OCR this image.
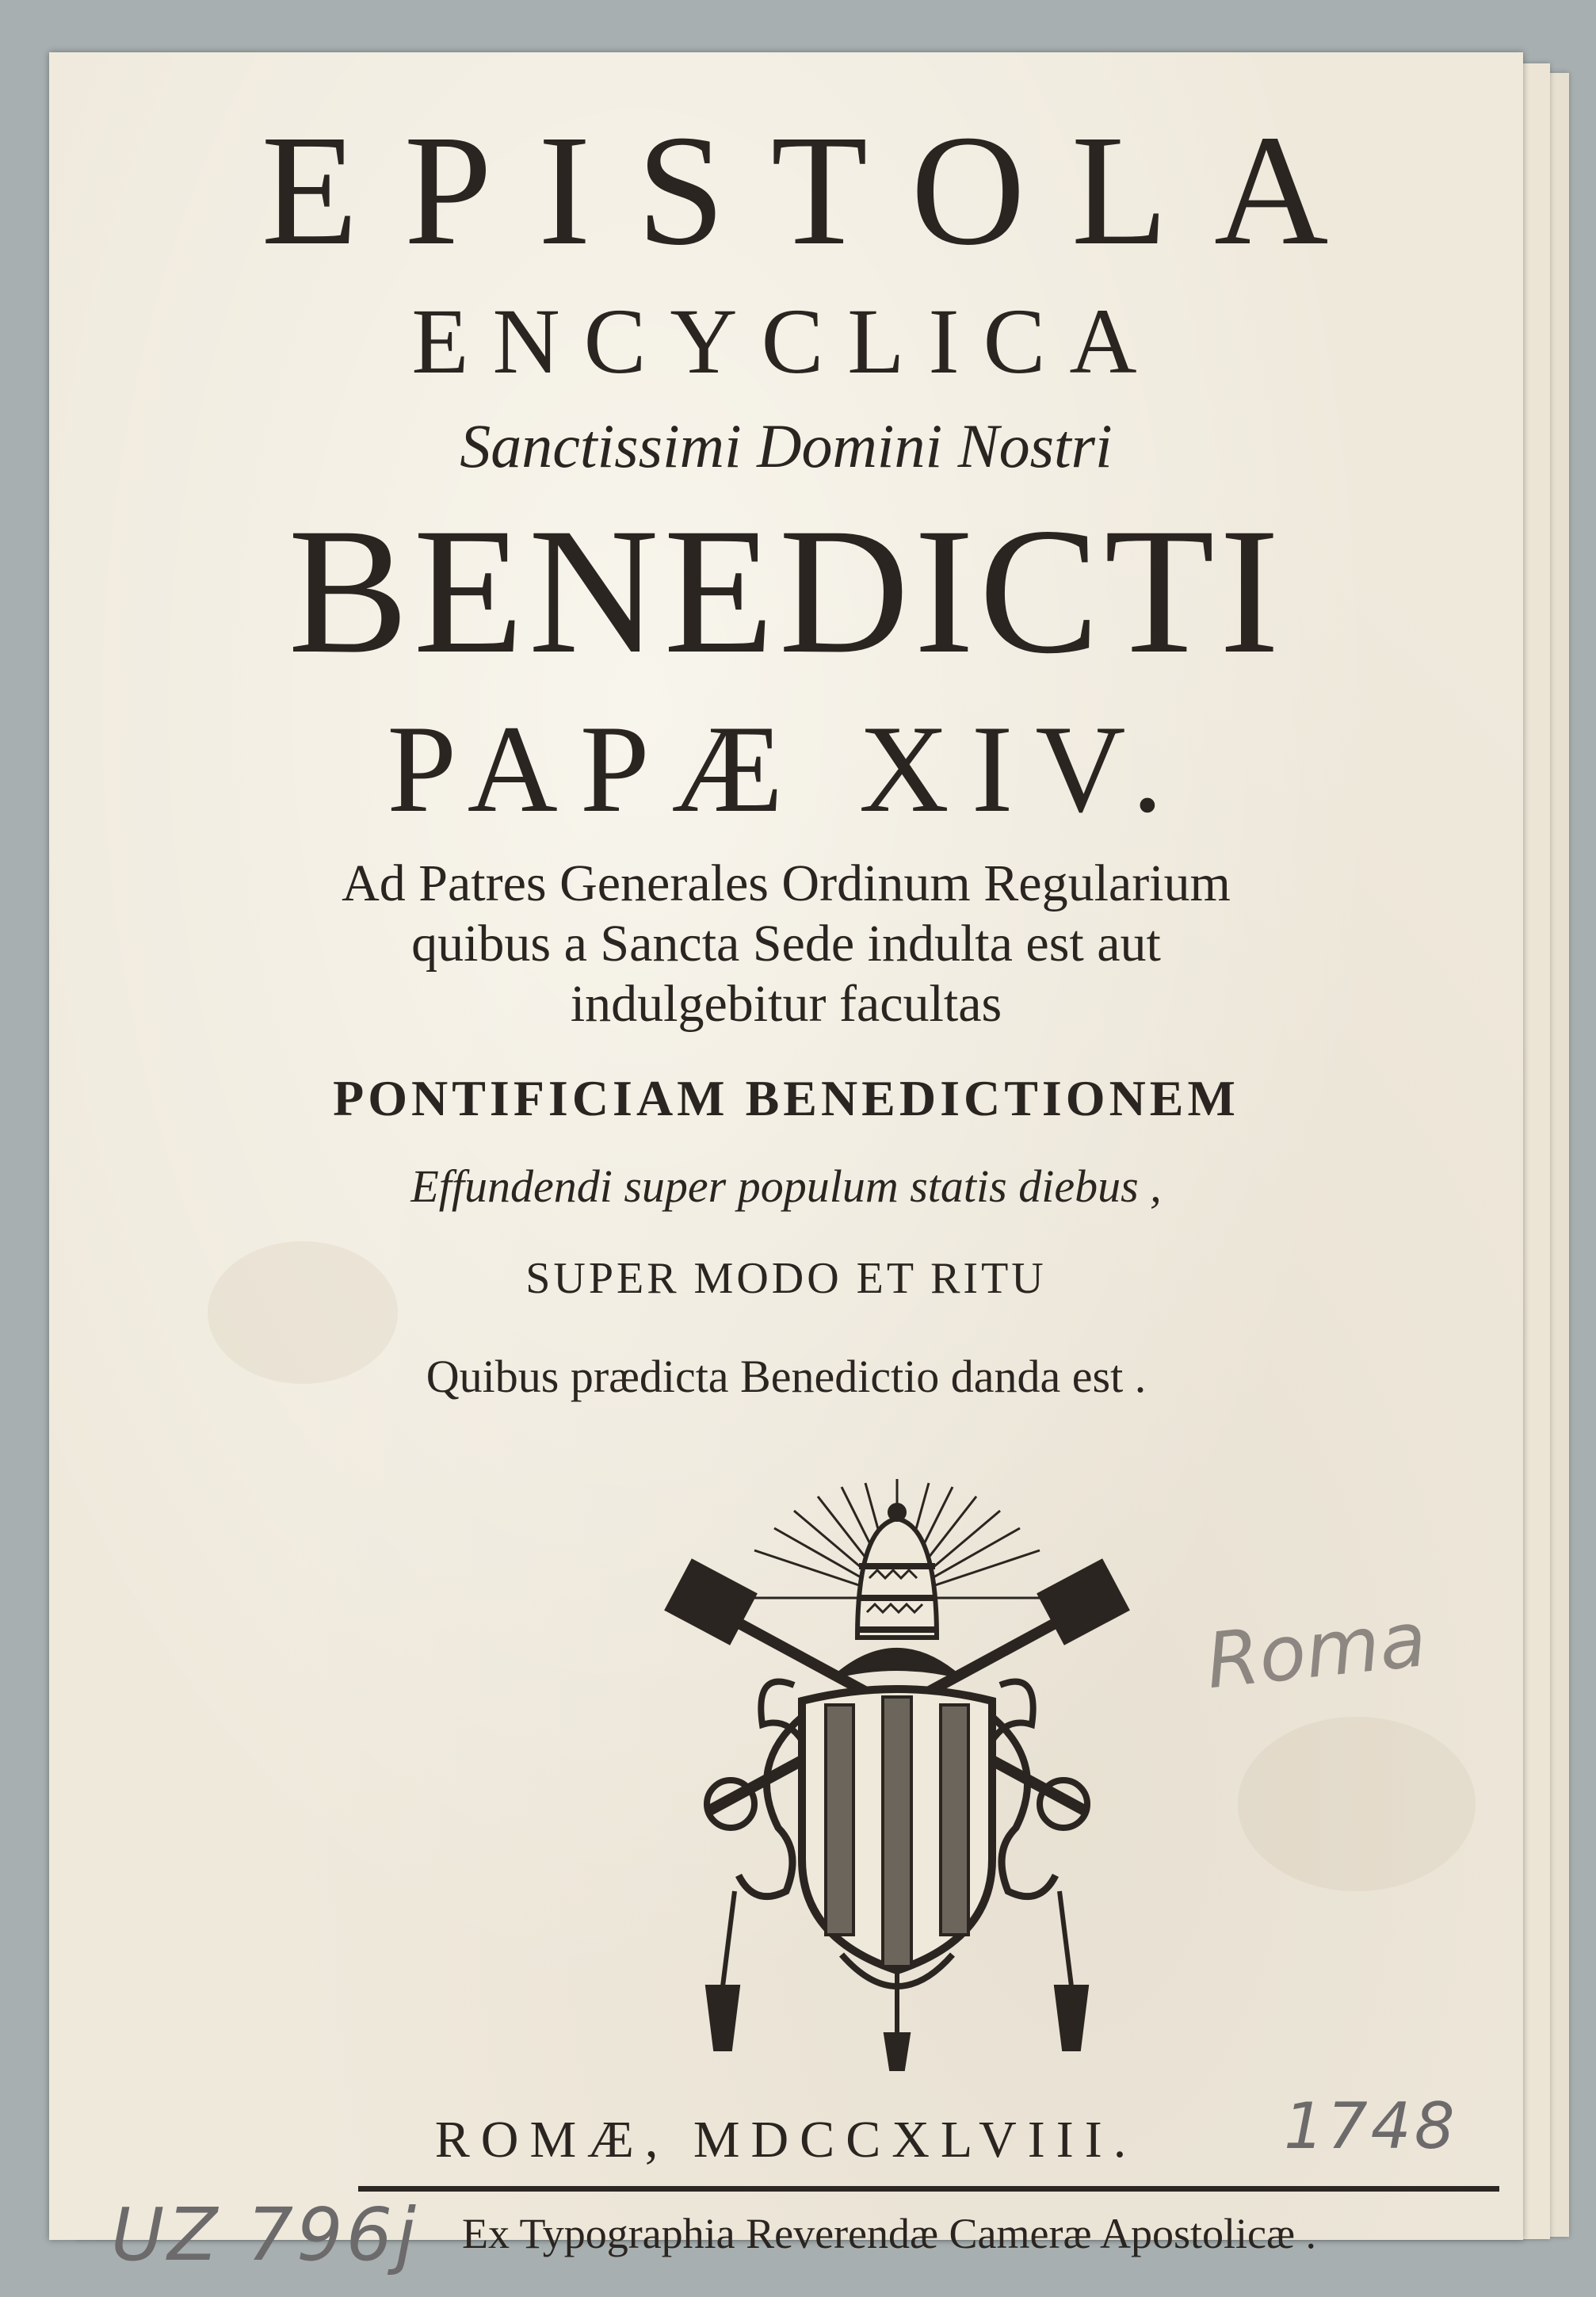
EPISTOLA

ENCYCLICA

Sanctissimi Domini Nostri

BENEDICTI

PAPÆ XIV.

Ad Patres Generales Ordinum Regularium

quibus a Sancta Sede indulta est aut

indulgebitur facultas

PONTIFICIAM BENEDICTIONEM

Effundendi super populum statis diebus ,

SUPER MODO ET RITU

Quibus prædicta Benedictio danda est .

ROMÆ, MDCCXLVIII.

Ex Typographia Reverendæ Cameræ Apostolicæ .

Roma
1748
UZ 796j
